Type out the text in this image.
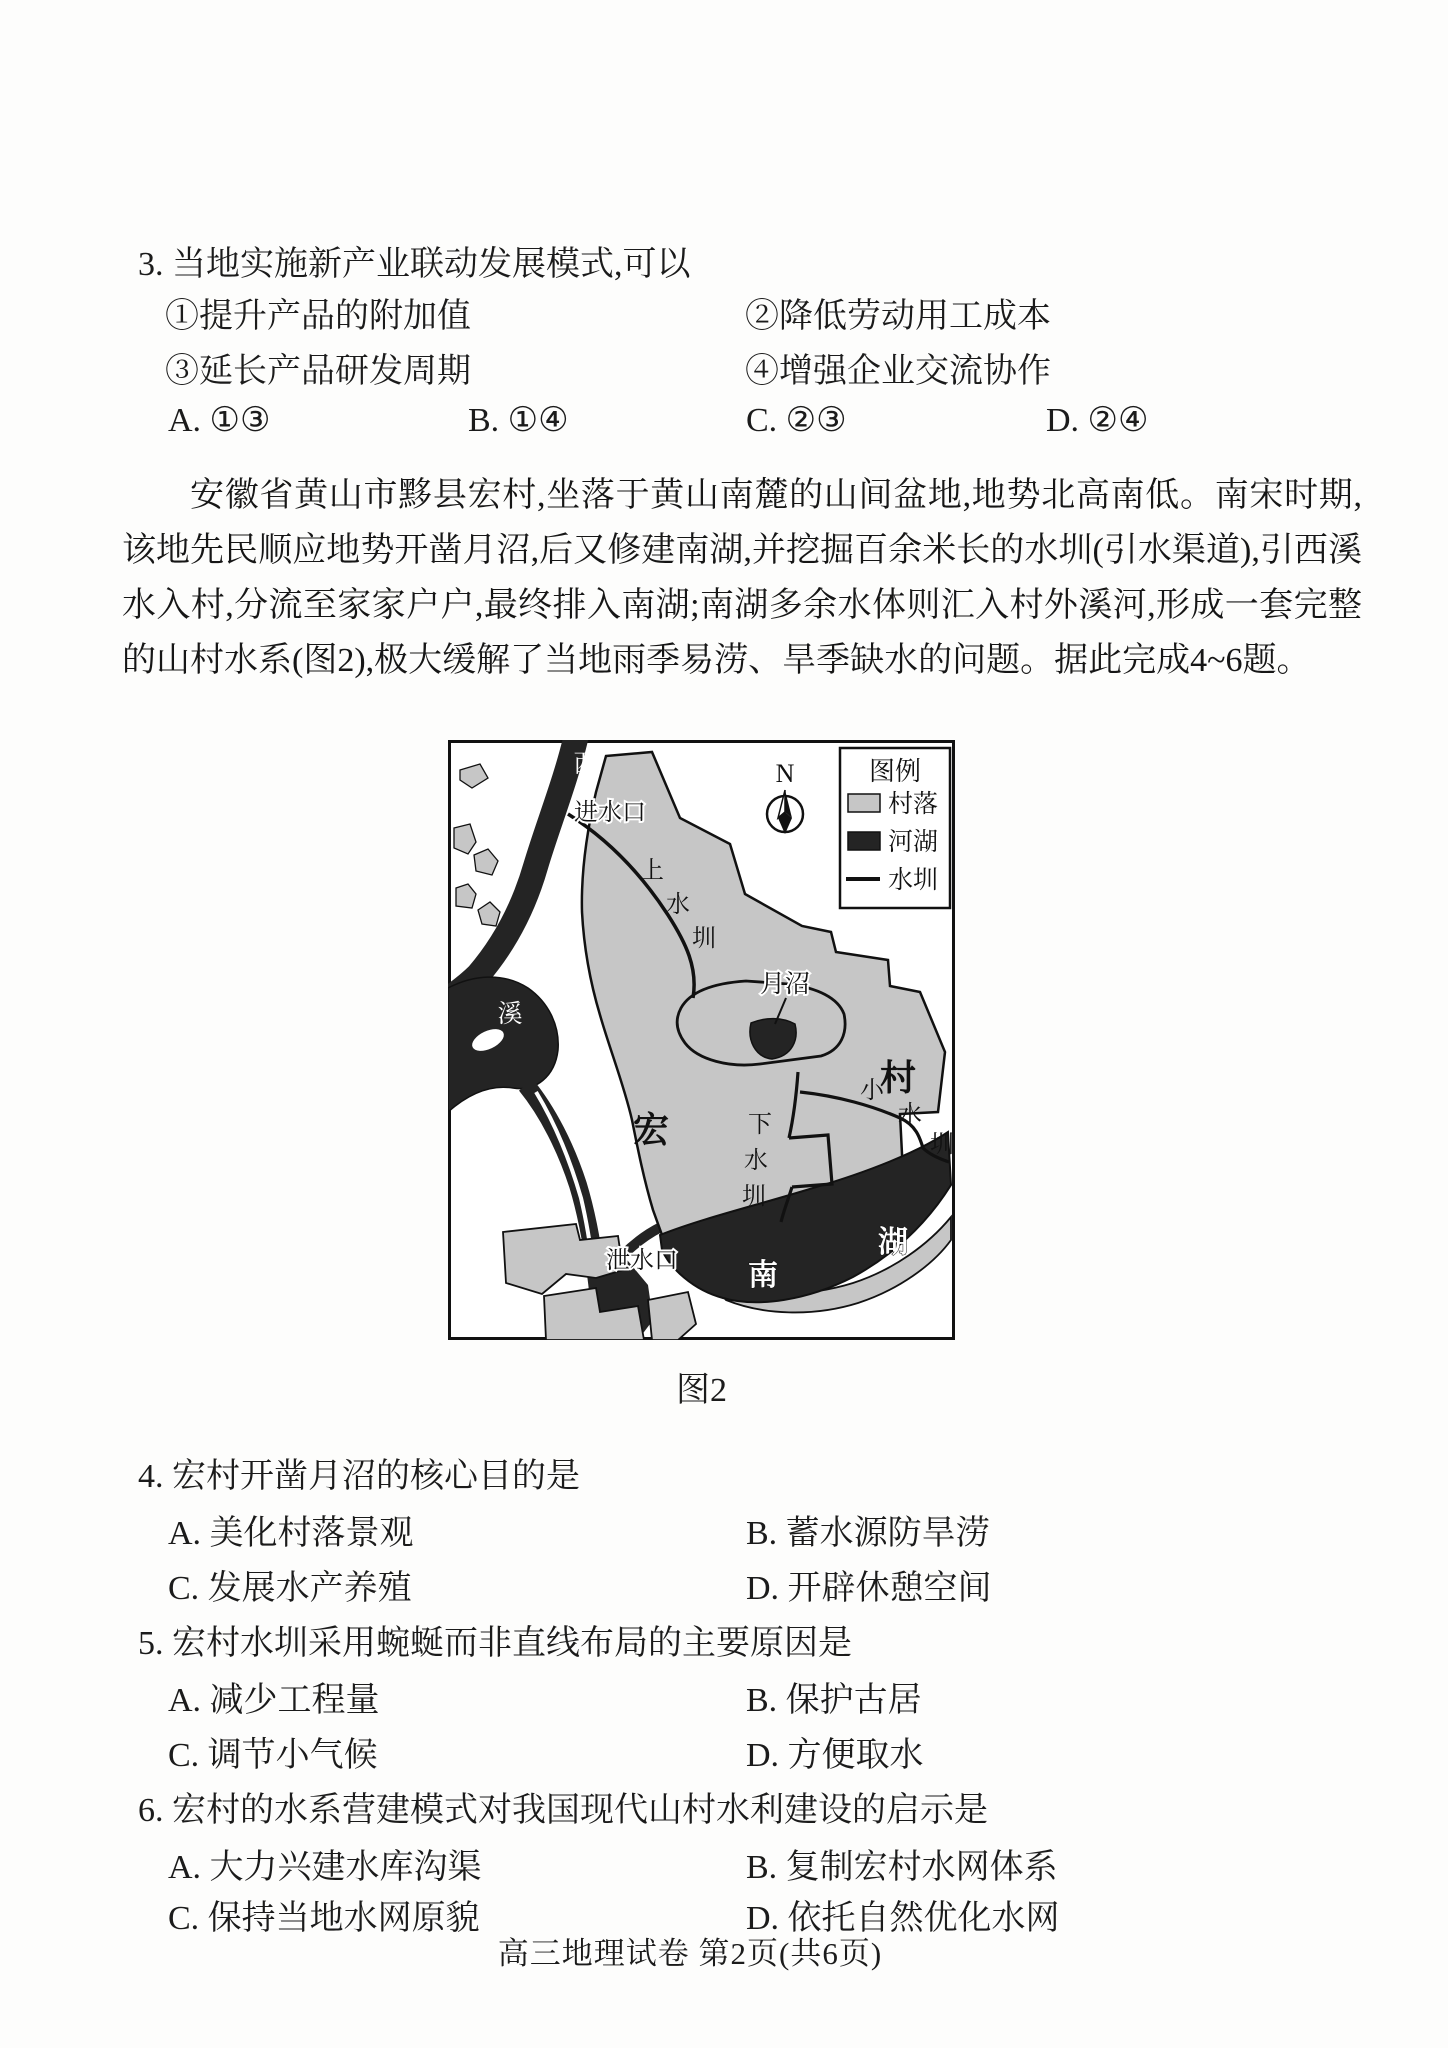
3. 当地实施新产业联动发展模式,可以
①提升产品的附加值	②降低劳动用工成本
③延长产品研发周期	④增强企业交流协作
A. ①③	B. ①④	C. ②③	D. ②④
安徽省黄山市黟县宏村,坐落于黄山南麓的山间盆地,地势北高南低。南宋时期,该地先民顺应地势开凿月沼,后又修建南湖,并挖掘百余米长的水圳(引水渠道),引西溪水入村,分流至家家户户,最终排入南湖;南湖多余水体则汇入村外溪河,形成一套完整的山村水系(图2),极大缓解了当地雨季易涝、旱季缺水的问题。据此完成4~6题。
N	图例
村落
河湖
水圳
西
溪
进水口
上
水
圳
月沼
宏
村
小
水
圳
下
水
圳
泄水口 南
湖
图2
4. 宏村开凿月沼的核心目的是
A. 美化村落景观	B. 蓄水源防旱涝
C. 发展水产养殖	D. 开辟休憩空间
5. 宏村水圳采用蜿蜒而非直线布局的主要原因是
A. 减少工程量	B. 保护古居
C. 调节小气候	D. 方便取水
6. 宏村的水系营建模式对我国现代山村水利建设的启示是
A. 大力兴建水库沟渠	B. 复制宏村水网体系
C. 保持当地水网原貌	D. 依托自然优化水网
高三地理试卷 第2页(共6页)
